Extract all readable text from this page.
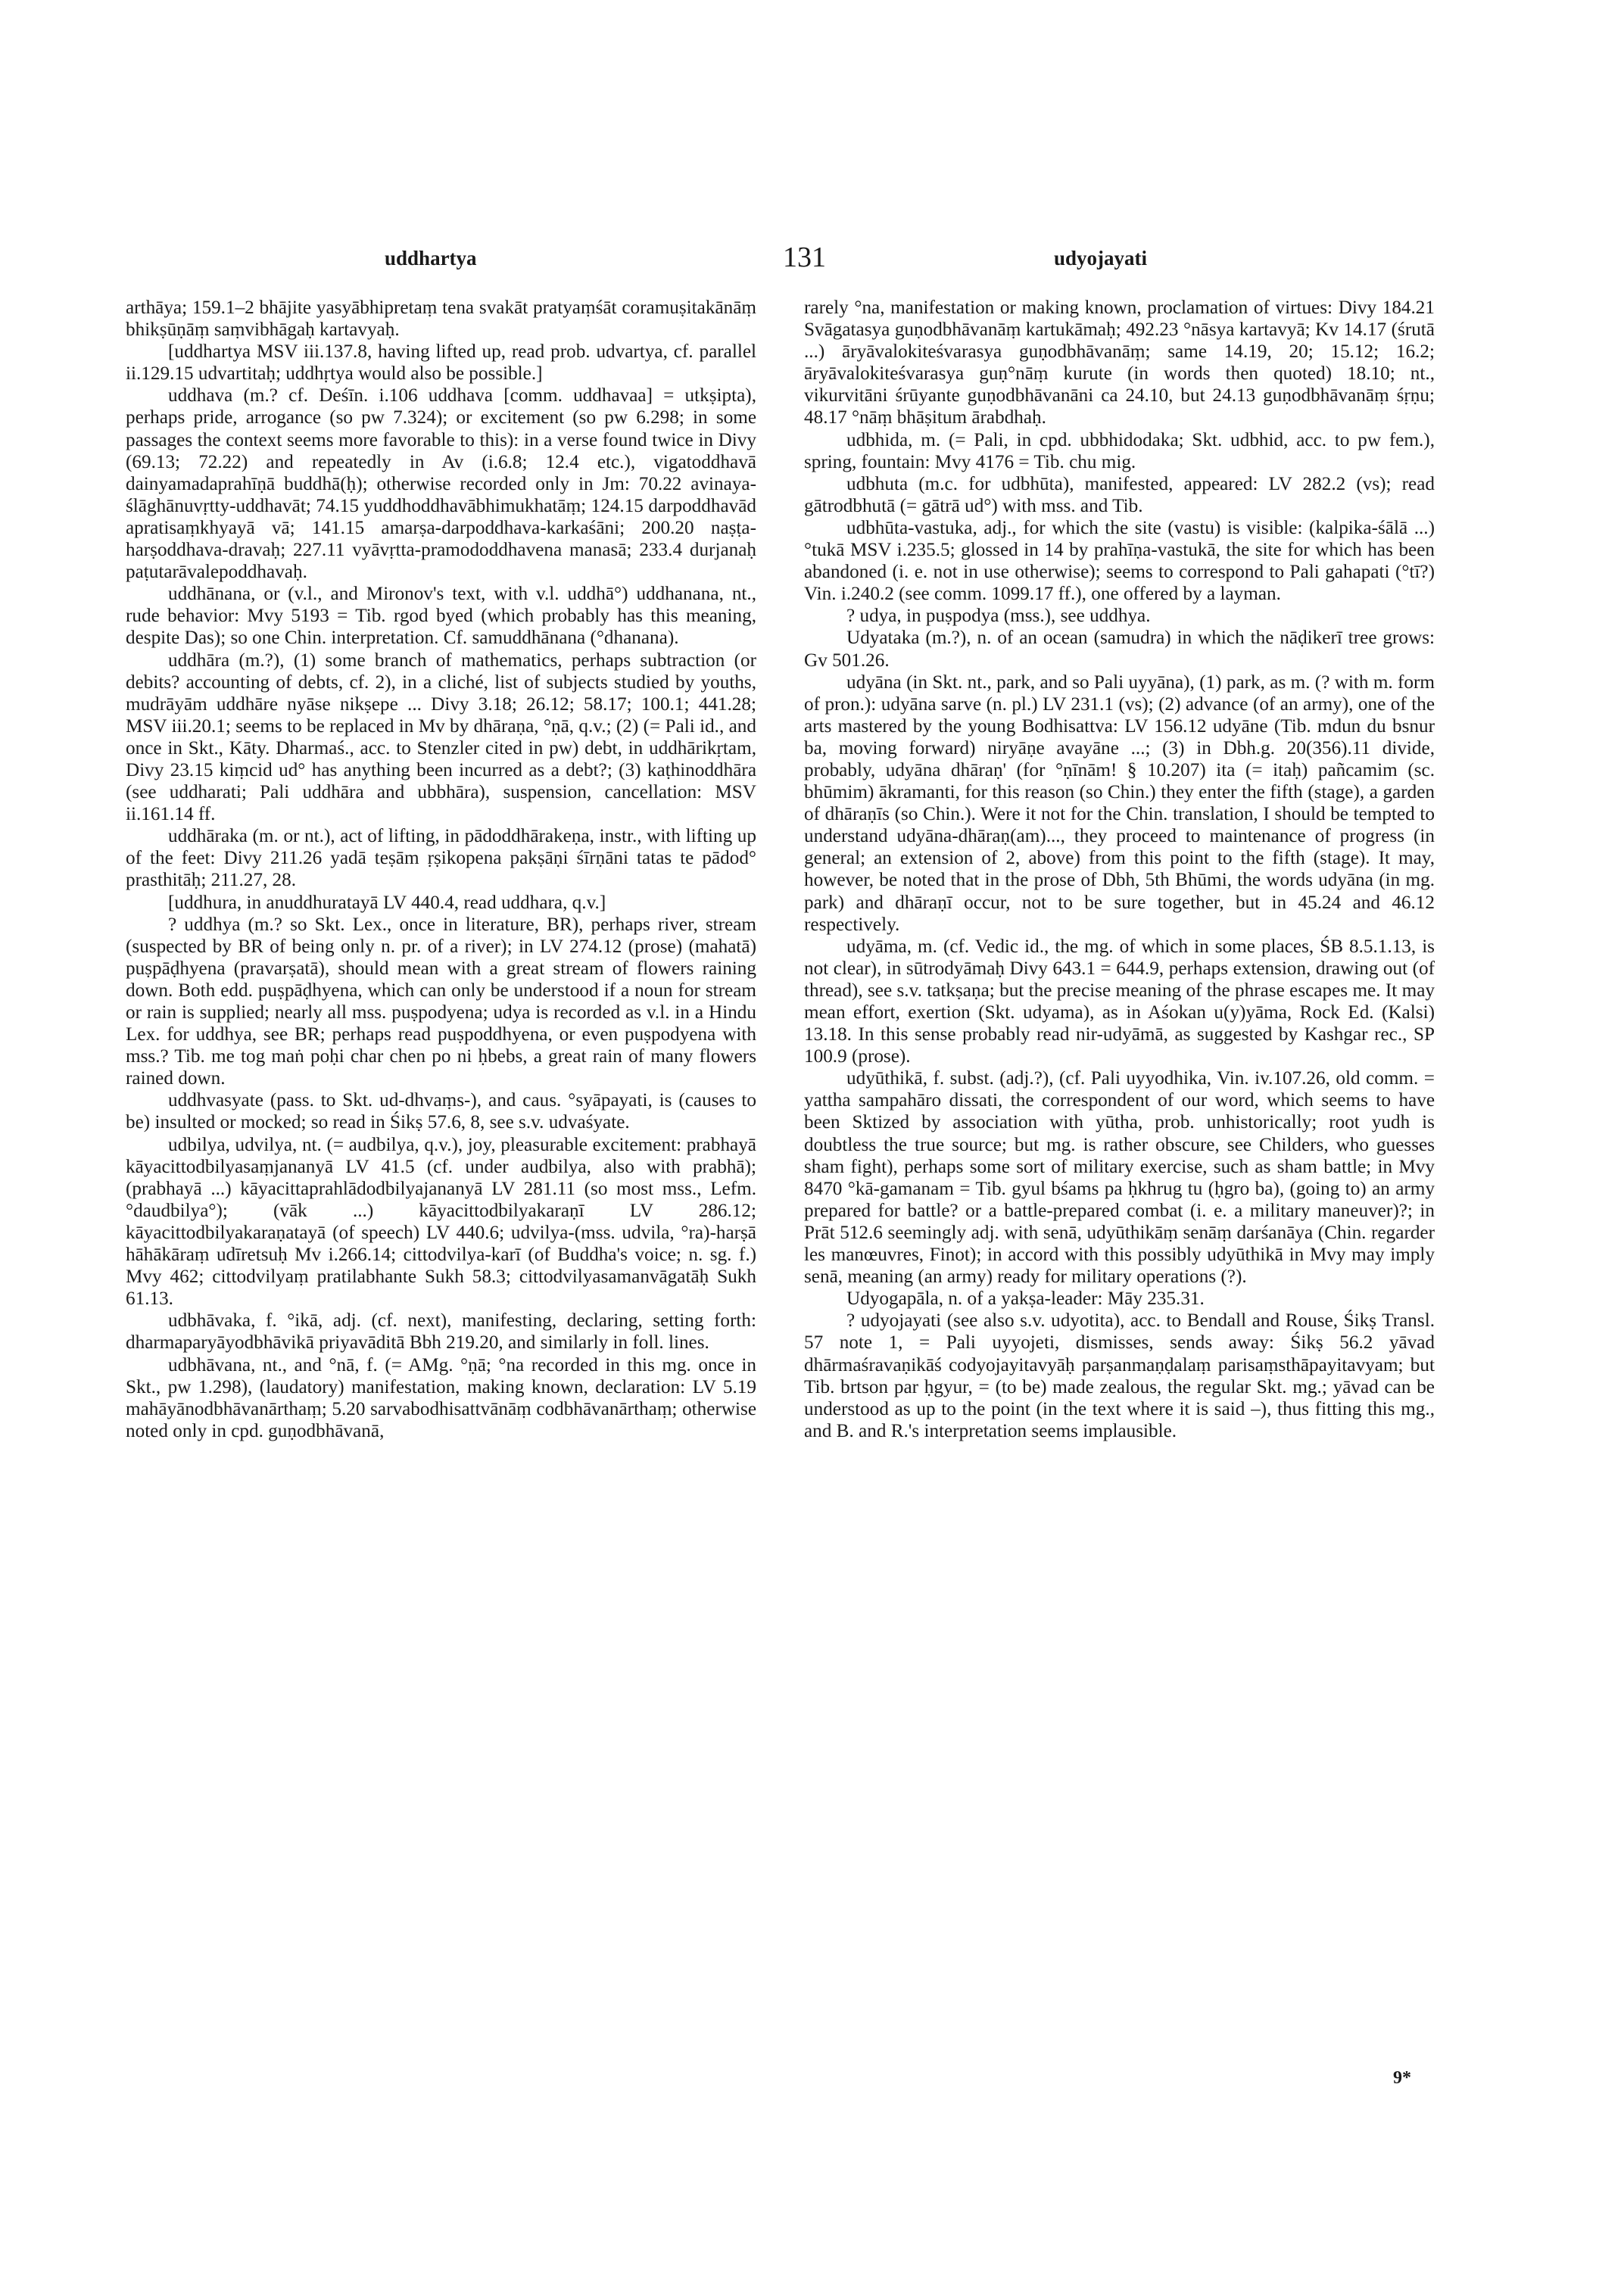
uddhartya	131	udyojayati

arthāya; 159.1–2 bhājite yasyābhipretaṃ tena svakāt pratyaṃśāt coramuṣitakānāṃ bhikṣūṇāṃ saṃvibhāgaḥ kartavyaḥ.

[uddhartya MSV iii.137.8, having lifted up, read prob. udvartya, cf. parallel ii.129.15 udvartitaḥ; uddhṛtya would also be possible.]

uddhava (m.? cf. Deśīn. i.106 uddhava [comm. uddhavaa] = utkṣipta), perhaps pride, arrogance (so pw 7.324); or excitement (so pw 6.298; in some passages the context seems more favorable to this): in a verse found twice in Divy (69.13; 72.22) and repeatedly in Av (i.6.8; 12.4 etc.), vigatoddhavā dainyamadaprahīṇā buddhā(ḥ); otherwise recorded only in Jm: 70.22 avinaya-ślāghānuvṛtty-uddhavāt; 74.15 yuddhoddhavābhimukhatāṃ; 124.15 darpoddhavād apratisaṃkhyayā vā; 141.15 amarṣa-darpoddhava-karkaśāni; 200.20 naṣṭa-harṣoddhava-dravaḥ; 227.11 vyāvṛtta-pramododdhavena manasā; 233.4 durjanaḥ paṭutarāvalepoddhavaḥ.

uddhānana, or (v.l., and Mironov's text, with v.l. uddhā°) uddhanana, nt., rude behavior: Mvy 5193 = Tib. rgod byed (which probably has this meaning, despite Das); so one Chin. interpretation. Cf. samuddhānana (°dhanana).

uddhāra (m.?), (1) some branch of mathematics, perhaps subtraction (or debits? accounting of debts, cf. 2), in a cliché, list of subjects studied by youths, mudrāyām uddhāre nyāse nikṣepe ... Divy 3.18; 26.12; 58.17; 100.1; 441.28; MSV iii.20.1; seems to be replaced in Mv by dhāraṇa, °ṇā, q.v.; (2) (= Pali id., and once in Skt., Kāty. Dharmaś., acc. to Stenzler cited in pw) debt, in uddhārikṛtam, Divy 23.15 kiṃcid ud° has anything been incurred as a debt?; (3) kaṭhinoddhāra (see uddharati; Pali uddhāra and ubbhāra), suspension, cancellation: MSV ii.161.14 ff.

uddhāraka (m. or nt.), act of lifting, in pādoddhārakeṇa, instr., with lifting up of the feet: Divy 211.26 yadā teṣām ṛṣikopena pakṣāṇi śīrṇāni tatas te pādod° prasthitāḥ; 211.27, 28.

[uddhura, in anuddhuratayā LV 440.4, read uddhara, q.v.]

? uddhya (m.? so Skt. Lex., once in literature, BR), perhaps river, stream (suspected by BR of being only n. pr. of a river); in LV 274.12 (prose) (mahatā) puṣpāḍhyena (pravarṣatā), should mean with a great stream of flowers raining down. Both edd. puṣpāḍhyena, which can only be understood if a noun for stream or rain is supplied; nearly all mss. puṣpodyena; udya is recorded as v.l. in a Hindu Lex. for uddhya, see BR; perhaps read puṣpoddhyena, or even puṣpodyena with mss.? Tib. me tog maṅ poḥi char chen po ni ḥbebs, a great rain of many flowers rained down.

uddhvasyate (pass. to Skt. ud-dhvaṃs-), and caus. °syāpayati, is (causes to be) insulted or mocked; so read in Śikṣ 57.6, 8, see s.v. udvaśyate.

udbilya, udvilya, nt. (= audbilya, q.v.), joy, pleasurable excitement: prabhayā kāyacittodbilyasaṃjananyā LV 41.5 (cf. under audbilya, also with prabhā); (prabhayā ...) kāyacittaprahlādodbilyajananyā LV 281.11 (so most mss., Lefm. °daudbilya°); (vāk ...) kāyacittodbilyakaraṇī LV 286.12; kāyacittodbilyakaraṇatayā (of speech) LV 440.6; udvilya-(mss. udvila, °ra)-harṣā hāhākāraṃ udīretsuḥ Mv i.266.14; cittodvilya-karī (of Buddha's voice; n. sg. f.) Mvy 462; cittodvilyaṃ pratilabhante Sukh 58.3; cittodvilyasamanvāgatāḥ Sukh 61.13.

udbhāvaka, f. °ikā, adj. (cf. next), manifesting, declaring, setting forth: dharmaparyāyodbhāvikā priyavāditā Bbh 219.20, and similarly in foll. lines.

udbhāvana, nt., and °nā, f. (= AMg. °ṇā; °na recorded in this mg. once in Skt., pw 1.298), (laudatory) manifestation, making known, declaration: LV 5.19 mahāyānodbhāvanārthaṃ; 5.20 sarvabodhisattvānāṃ codbhāvanārthaṃ; otherwise noted only in cpd. guṇodbhāvanā,

rarely °na, manifestation or making known, proclamation of virtues: Divy 184.21 Svāgatasya guṇodbhāvanāṃ kartukāmaḥ; 492.23 °nāsya kartavyā; Kv 14.17 (śrutā ...) āryāvalokiteśvarasya guṇodbhāvanāṃ; same 14.19, 20; 15.12; 16.2; āryāvalokiteśvarasya guṇ°nāṃ kurute (in words then quoted) 18.10; nt., vikurvitāni śrūyante guṇodbhāvanāni ca 24.10, but 24.13 guṇodbhāvanāṃ śṛṇu; 48.17 °nāṃ bhāṣitum ārabdhaḥ.

udbhida, m. (= Pali, in cpd. ubbhidodaka; Skt. udbhid, acc. to pw fem.), spring, fountain: Mvy 4176 = Tib. chu mig.

udbhuta (m.c. for udbhūta), manifested, appeared: LV 282.2 (vs); read gātrodbhutā (= gātrā ud°) with mss. and Tib.

udbhūta-vastuka, adj., for which the site (vastu) is visible: (kalpika-śālā ...) °tukā MSV i.235.5; glossed in 14 by prahīṇa-vastukā, the site for which has been abandoned (i. e. not in use otherwise); seems to correspond to Pali gahapati (°tī?) Vin. i.240.2 (see comm. 1099.17 ff.), one offered by a layman.

? udya, in puṣpodya (mss.), see uddhya.

Udyataka (m.?), n. of an ocean (samudra) in which the nāḍikerī tree grows: Gv 501.26.

udyāna (in Skt. nt., park, and so Pali uyyāna), (1) park, as m. (? with m. form of pron.): udyāna sarve (n. pl.) LV 231.1 (vs); (2) advance (of an army), one of the arts mastered by the young Bodhisattva: LV 156.12 udyāne (Tib. mdun du bsnur ba, moving forward) niryāṇe avayāne ...; (3) in Dbh.g. 20(356).11 divide, probably, udyāna dhāraṇ' (for °ṇīnām! § 10.207) ita (= itaḥ) pañcamim (sc. bhūmim) ākramanti, for this reason (so Chin.) they enter the fifth (stage), a garden of dhāraṇīs (so Chin.). Were it not for the Chin. translation, I should be tempted to understand udyāna-dhāraṇ(am)..., they proceed to maintenance of progress (in general; an extension of 2, above) from this point to the fifth (stage). It may, however, be noted that in the prose of Dbh, 5th Bhūmi, the words udyāna (in mg. park) and dhāraṇī occur, not to be sure together, but in 45.24 and 46.12 respectively.

udyāma, m. (cf. Vedic id., the mg. of which in some places, ŚB 8.5.1.13, is not clear), in sūtrodyāmaḥ Divy 643.1 = 644.9, perhaps extension, drawing out (of thread), see s.v. tatkṣaṇa; but the precise meaning of the phrase escapes me. It may mean effort, exertion (Skt. udyama), as in Aśokan u(y)yāma, Rock Ed. (Kalsi) 13.18. In this sense probably read nir-udyāmā, as suggested by Kashgar rec., SP 100.9 (prose).

udyūthikā, f. subst. (adj.?), (cf. Pali uyyodhika, Vin. iv.107.26, old comm. = yattha sampahāro dissati, the correspondent of our word, which seems to have been Sktized by association with yūtha, prob. unhistorically; root yudh is doubtless the true source; but mg. is rather obscure, see Childers, who guesses sham fight), perhaps some sort of military exercise, such as sham battle; in Mvy 8470 °kā-gamanam = Tib. gyul bśams pa ḥkhrug tu (ḥgro ba), (going to) an army prepared for battle? or a battle-prepared combat (i. e. a military maneuver)?; in Prāt 512.6 seemingly adj. with senā, udyūthikāṃ senāṃ darśanāya (Chin. regarder les manœuvres, Finot); in accord with this possibly udyūthikā in Mvy may imply senā, meaning (an army) ready for military operations (?).

Udyogapāla, n. of a yakṣa-leader: Māy 235.31.

? udyojayati (see also s.v. udyotita), acc. to Bendall and Rouse, Śikṣ Transl. 57 note 1, = Pali uyyojeti, dismisses, sends away: Śikṣ 56.2 yāvad dhārmaśravaṇikāś codyojayitavyāḥ parṣanmaṇḍalaṃ parisaṃsthāpayitavyam; but Tib. brtson par ḥgyur, = (to be) made zealous, the regular Skt. mg.; yāvad can be understood as up to the point (in the text where it is said –), thus fitting this mg., and B. and R.'s interpretation seems implausible.

9*
